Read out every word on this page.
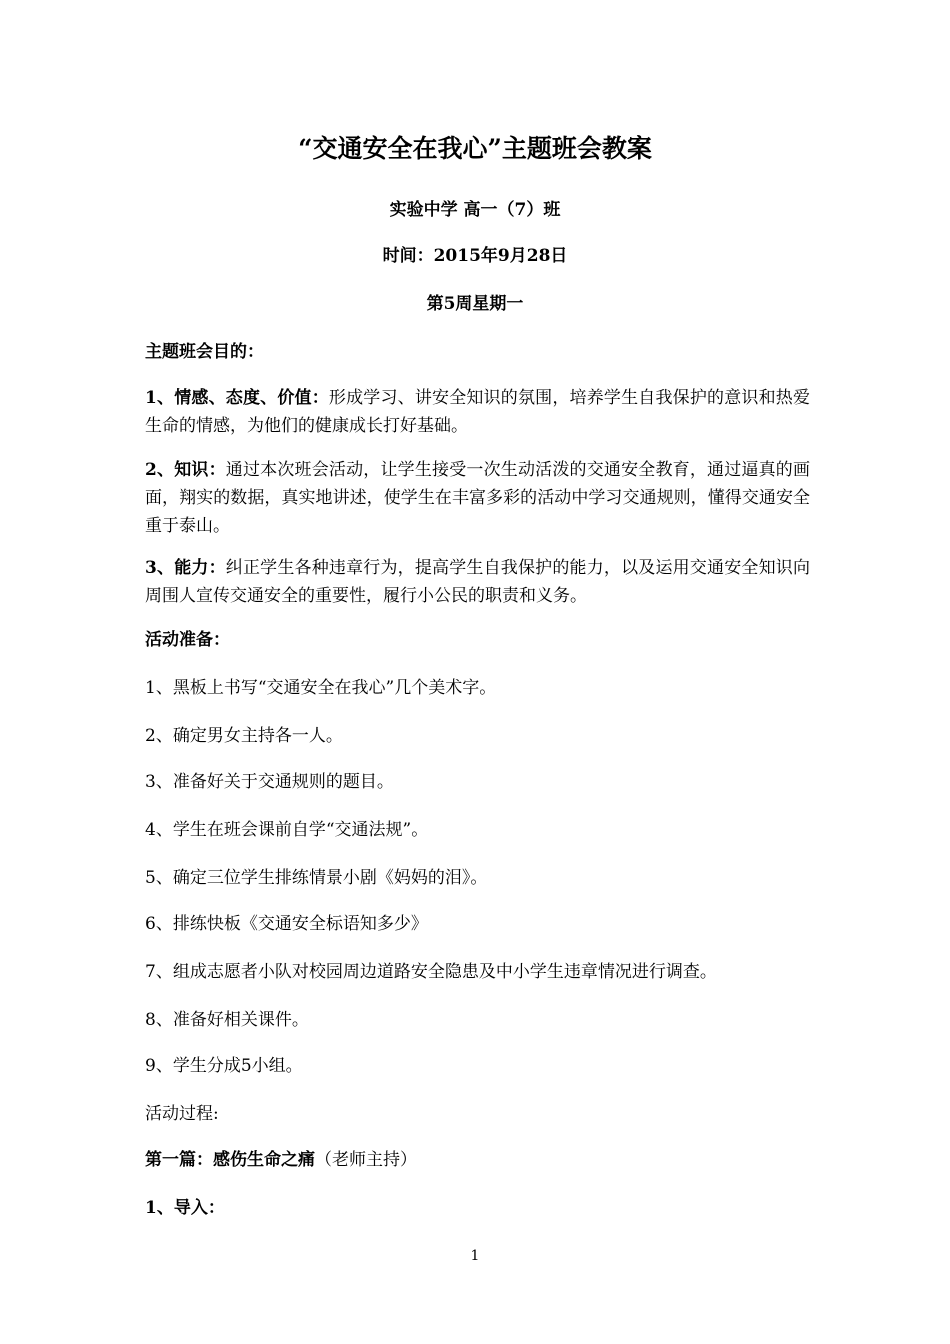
“交通安全在我心”主题班会教案
实验中学 高一（7）班
时间：2015年9月28日
第5周星期一
主题班会目的：
1、情感、态度、价值：形成学习、讲安全知识的氛围，培养学生自我保护的意识和热爱生命的情感，为他们的健康成长打好基础。
2、知识：通过本次班会活动，让学生接受一次生动活泼的交通安全教育，通过逼真的画面，翔实的数据，真实地讲述，使学生在丰富多彩的活动中学习交通规则，懂得交通安全重于泰山。
3、能力：纠正学生各种违章行为，提高学生自我保护的能力，以及运用交通安全知识向周围人宣传交通安全的重要性，履行小公民的职责和义务。
活动准备：
1、黑板上书写“交通安全在我心”几个美术字。
2、确定男女主持各一人。
3、准备好关于交通规则的题目。
4、学生在班会课前自学“交通法规”。
5、确定三位学生排练情景小剧《妈妈的泪》。
6、排练快板《交通安全标语知多少》
7、组成志愿者小队对校园周边道路安全隐患及中小学生违章情况进行调查。
8、准备好相关课件。
9、学生分成5小组。
活动过程:
第一篇：感伤生命之痛（老师主持）
1、导入：
1
